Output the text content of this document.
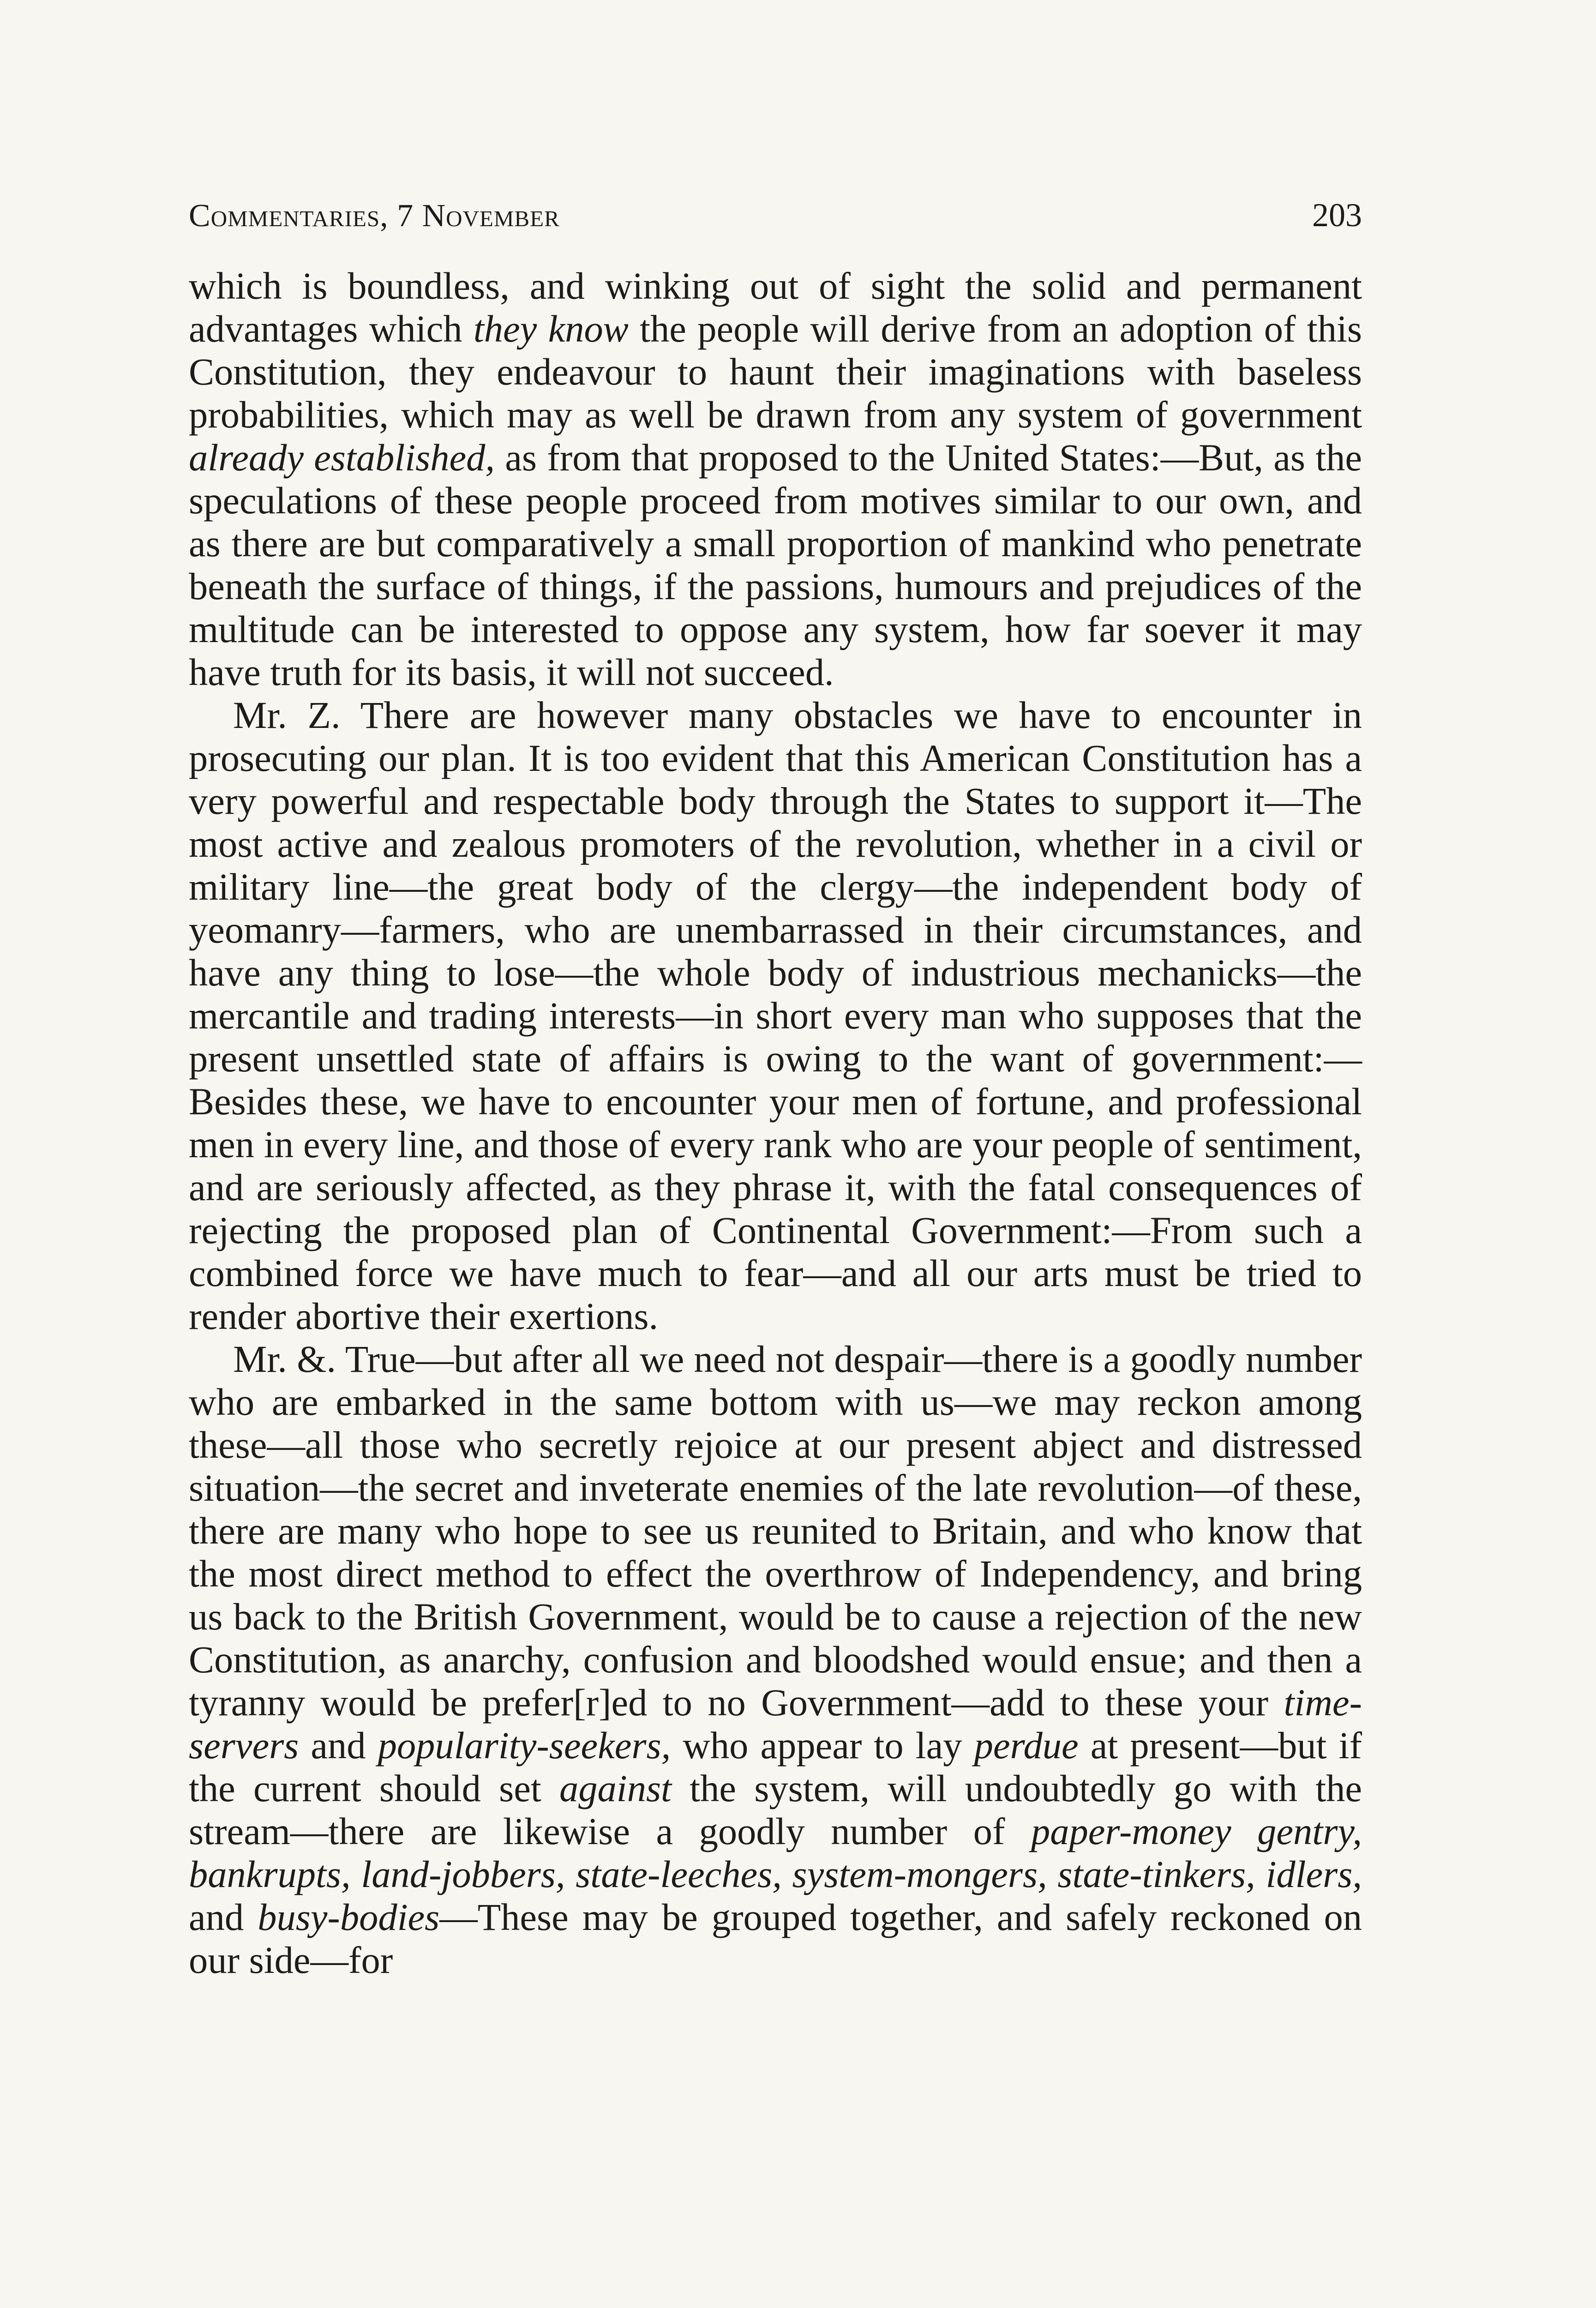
Commentaries, 7 November	203

which is boundless, and winking out of sight the solid and permanent advantages which they know the people will derive from an adoption of this Constitution, they endeavour to haunt their imaginations with baseless probabilities, which may as well be drawn from any system of government already established, as from that proposed to the United States:—But, as the speculations of these people proceed from motives similar to our own, and as there are but comparatively a small proportion of mankind who penetrate beneath the surface of things, if the passions, humours and prejudices of the multitude can be interested to oppose any system, how far soever it may have truth for its basis, it will not succeed.

Mr. Z. There are however many obstacles we have to encounter in prosecuting our plan. It is too evident that this American Constitution has a very powerful and respectable body through the States to support it—The most active and zealous promoters of the revolution, whether in a civil or military line—the great body of the clergy—the independent body of yeomanry—farmers, who are unembarrassed in their circumstances, and have any thing to lose—the whole body of industrious mechanicks—the mercantile and trading interests—in short every man who supposes that the present unsettled state of affairs is owing to the want of government:—Besides these, we have to encounter your men of fortune, and professional men in every line, and those of every rank who are your people of sentiment, and are seriously affected, as they phrase it, with the fatal consequences of rejecting the proposed plan of Continental Government:—From such a combined force we have much to fear—and all our arts must be tried to render abortive their exertions.

Mr. &. True—but after all we need not despair—there is a goodly number who are embarked in the same bottom with us—we may reckon among these—all those who secretly rejoice at our present abject and distressed situation—the secret and inveterate enemies of the late revolution—of these, there are many who hope to see us reunited to Britain, and who know that the most direct method to effect the overthrow of Independency, and bring us back to the British Government, would be to cause a rejection of the new Constitution, as anarchy, confusion and bloodshed would ensue; and then a tyranny would be prefer[r]ed to no Government—add to these your time-servers and popularity-seekers, who appear to lay perdue at present—but if the current should set against the system, will undoubtedly go with the stream—there are likewise a goodly number of paper-money gentry, bankrupts, land-jobbers, state-leeches, system-mongers, state-tinkers, idlers, and busy-bodies—These may be grouped together, and safely reckoned on our side—for
